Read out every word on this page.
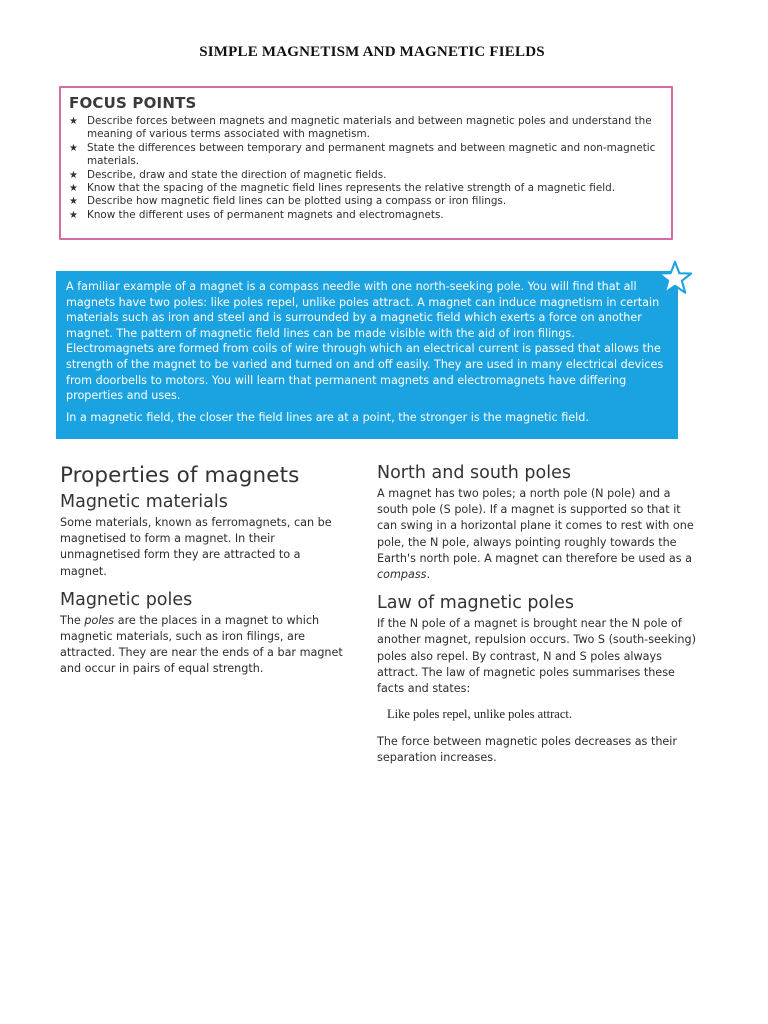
SIMPLE MAGNETISM AND MAGNETIC FIELDS
FOCUS POINTS
★ Describe forces between magnets and magnetic materials and between magnetic poles and understand the meaning of various terms associated with magnetism.
★ State the differences between temporary and permanent magnets and between magnetic and non-magnetic materials.
★ Describe, draw and state the direction of magnetic fields.
★ Know that the spacing of the magnetic field lines represents the relative strength of a magnetic field.
★ Describe how magnetic field lines can be plotted using a compass or iron filings.
★ Know the different uses of permanent magnets and electromagnets.

A familiar example of a magnet is a compass needle with one north-seeking pole. You will find that all magnets have two poles: like poles repel, unlike poles attract. A magnet can induce magnetism in certain materials such as iron and steel and is surrounded by a magnetic field which exerts a force on another magnet. The pattern of magnetic field lines can be made visible with the aid of iron filings. Electromagnets are formed from coils of wire through which an electrical current is passed that allows the strength of the magnet to be varied and turned on and off easily. They are used in many electrical devices from doorbells to motors. You will learn that permanent magnets and electromagnets have differing properties and uses.

In a magnetic field, the closer the field lines are at a point, the stronger is the magnetic field.

Properties of magnets
Magnetic materials

Some materials, known as ferromagnets, can be magnetised to form a magnet. In their unmagnetised form they are attracted to a magnet.

Magnetic poles

The poles are the places in a magnet to which magnetic materials, such as iron filings, are attracted. They are near the ends of a bar magnet and occur in pairs of equal strength.

North and south poles

A magnet has two poles; a north pole (N pole) and a south pole (S pole). If a magnet is supported so that it can swing in a horizontal plane it comes to rest with one pole, the N pole, always pointing roughly towards the Earth's north pole. A magnet can therefore be used as a compass.

Law of magnetic poles

If the N pole of a magnet is brought near the N pole of another magnet, repulsion occurs. Two S (south-seeking) poles also repel. By contrast, N and S poles always attract. The law of magnetic poles summarises these facts and states:

Like poles repel, unlike poles attract.

The force between magnetic poles decreases as their separation increases.
